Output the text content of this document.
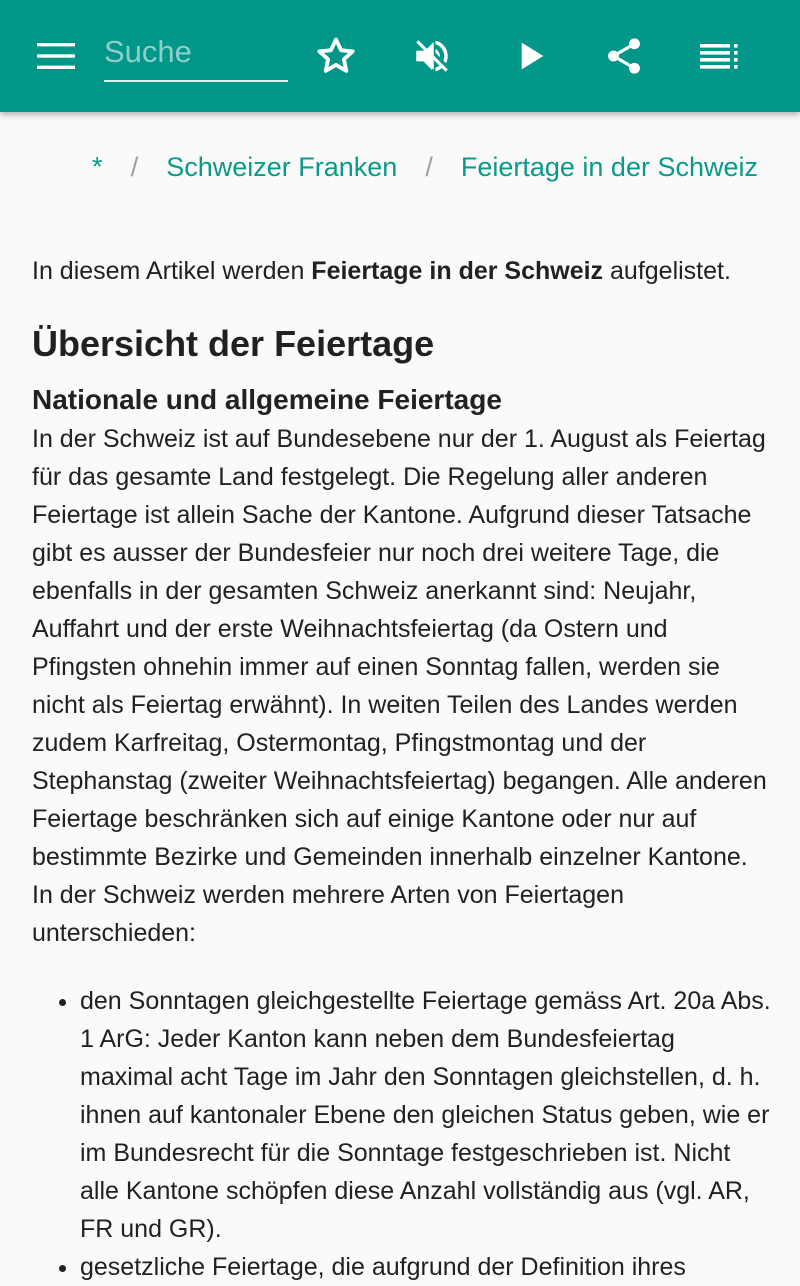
Suche
* / Schweizer Franken / Feiertage in der Schweiz

In diesem Artikel werden Feiertage in der Schweiz aufgelistet.

Übersicht der Feiertage
Nationale und allgemeine Feiertage

In der Schweiz ist auf Bundesebene nur der 1. August als Feiertag für das gesamte Land festgelegt. Die Regelung aller anderen Feiertage ist allein Sache der Kantone. Aufgrund dieser Tatsache gibt es ausser der Bundesfeier nur noch drei weitere Tage, die ebenfalls in der gesamten Schweiz anerkannt sind: Neujahr, Auffahrt und der erste Weihnachtsfeiertag (da Ostern und Pfingsten ohnehin immer auf einen Sonntag fallen, werden sie nicht als Feiertag erwähnt). In weiten Teilen des Landes werden zudem Karfreitag, Ostermontag, Pfingstmontag und der Stephanstag (zweiter Weihnachtsfeiertag) begangen. Alle anderen Feiertage beschränken sich auf einige Kantone oder nur auf bestimmte Bezirke und Gemeinden innerhalb einzelner Kantone. In der Schweiz werden mehrere Arten von Feiertagen unterschieden:

• den Sonntagen gleichgestellte Feiertage gemäss Art. 20a Abs. 1 ArG: Jeder Kanton kann neben dem Bundesfeiertag maximal acht Tage im Jahr den Sonntagen gleichstellen, d. h. ihnen auf kantonaler Ebene den gleichen Status geben, wie er im Bundesrecht für die Sonntage festgeschrieben ist. Nicht alle Kantone schöpfen diese Anzahl vollständig aus (vgl. AR, FR und GR).
• gesetzliche Feiertage, die aufgrund der Definition ihres
